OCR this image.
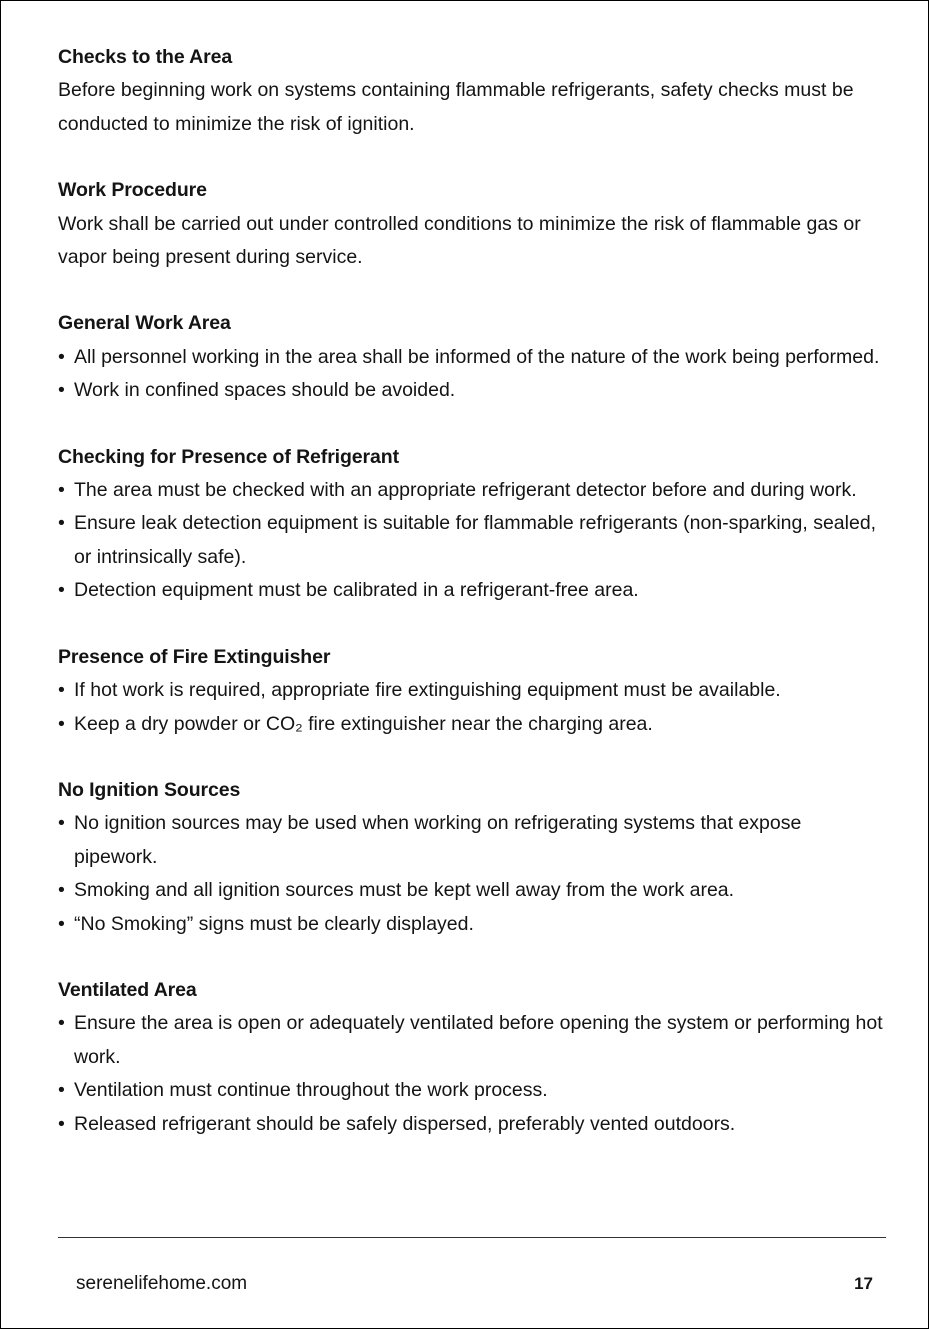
Checks to the Area

Before beginning work on systems containing flammable refrigerants, safety checks must be conducted to minimize the risk of ignition.

Work Procedure

Work shall be carried out under controlled conditions to minimize the risk of flammable gas or vapor being present during service.

General Work Area
• All personnel working in the area shall be informed of the nature of the work being performed.
• Work in confined spaces should be avoided.
Checking for Presence of Refrigerant
• The area must be checked with an appropriate refrigerant detector before and during work.
• Ensure leak detection equipment is suitable for flammable refrigerants (non-sparking, sealed, or intrinsically safe).
• Detection equipment must be calibrated in a refrigerant-free area.
Presence of Fire Extinguisher
• If hot work is required, appropriate fire extinguishing equipment must be available.
• Keep a dry powder or CO₂ fire extinguisher near the charging area.
No Ignition Sources
• No ignition sources may be used when working on refrigerating systems that expose pipework.
• Smoking and all ignition sources must be kept well away from the work area.
• “No Smoking” signs must be clearly displayed.
Ventilated Area
• Ensure the area is open or adequately ventilated before opening the system or performing hot work.
• Ventilation must continue throughout the work process.
• Released refrigerant should be safely dispersed, preferably vented outdoors.
serenelifehome.com	17
